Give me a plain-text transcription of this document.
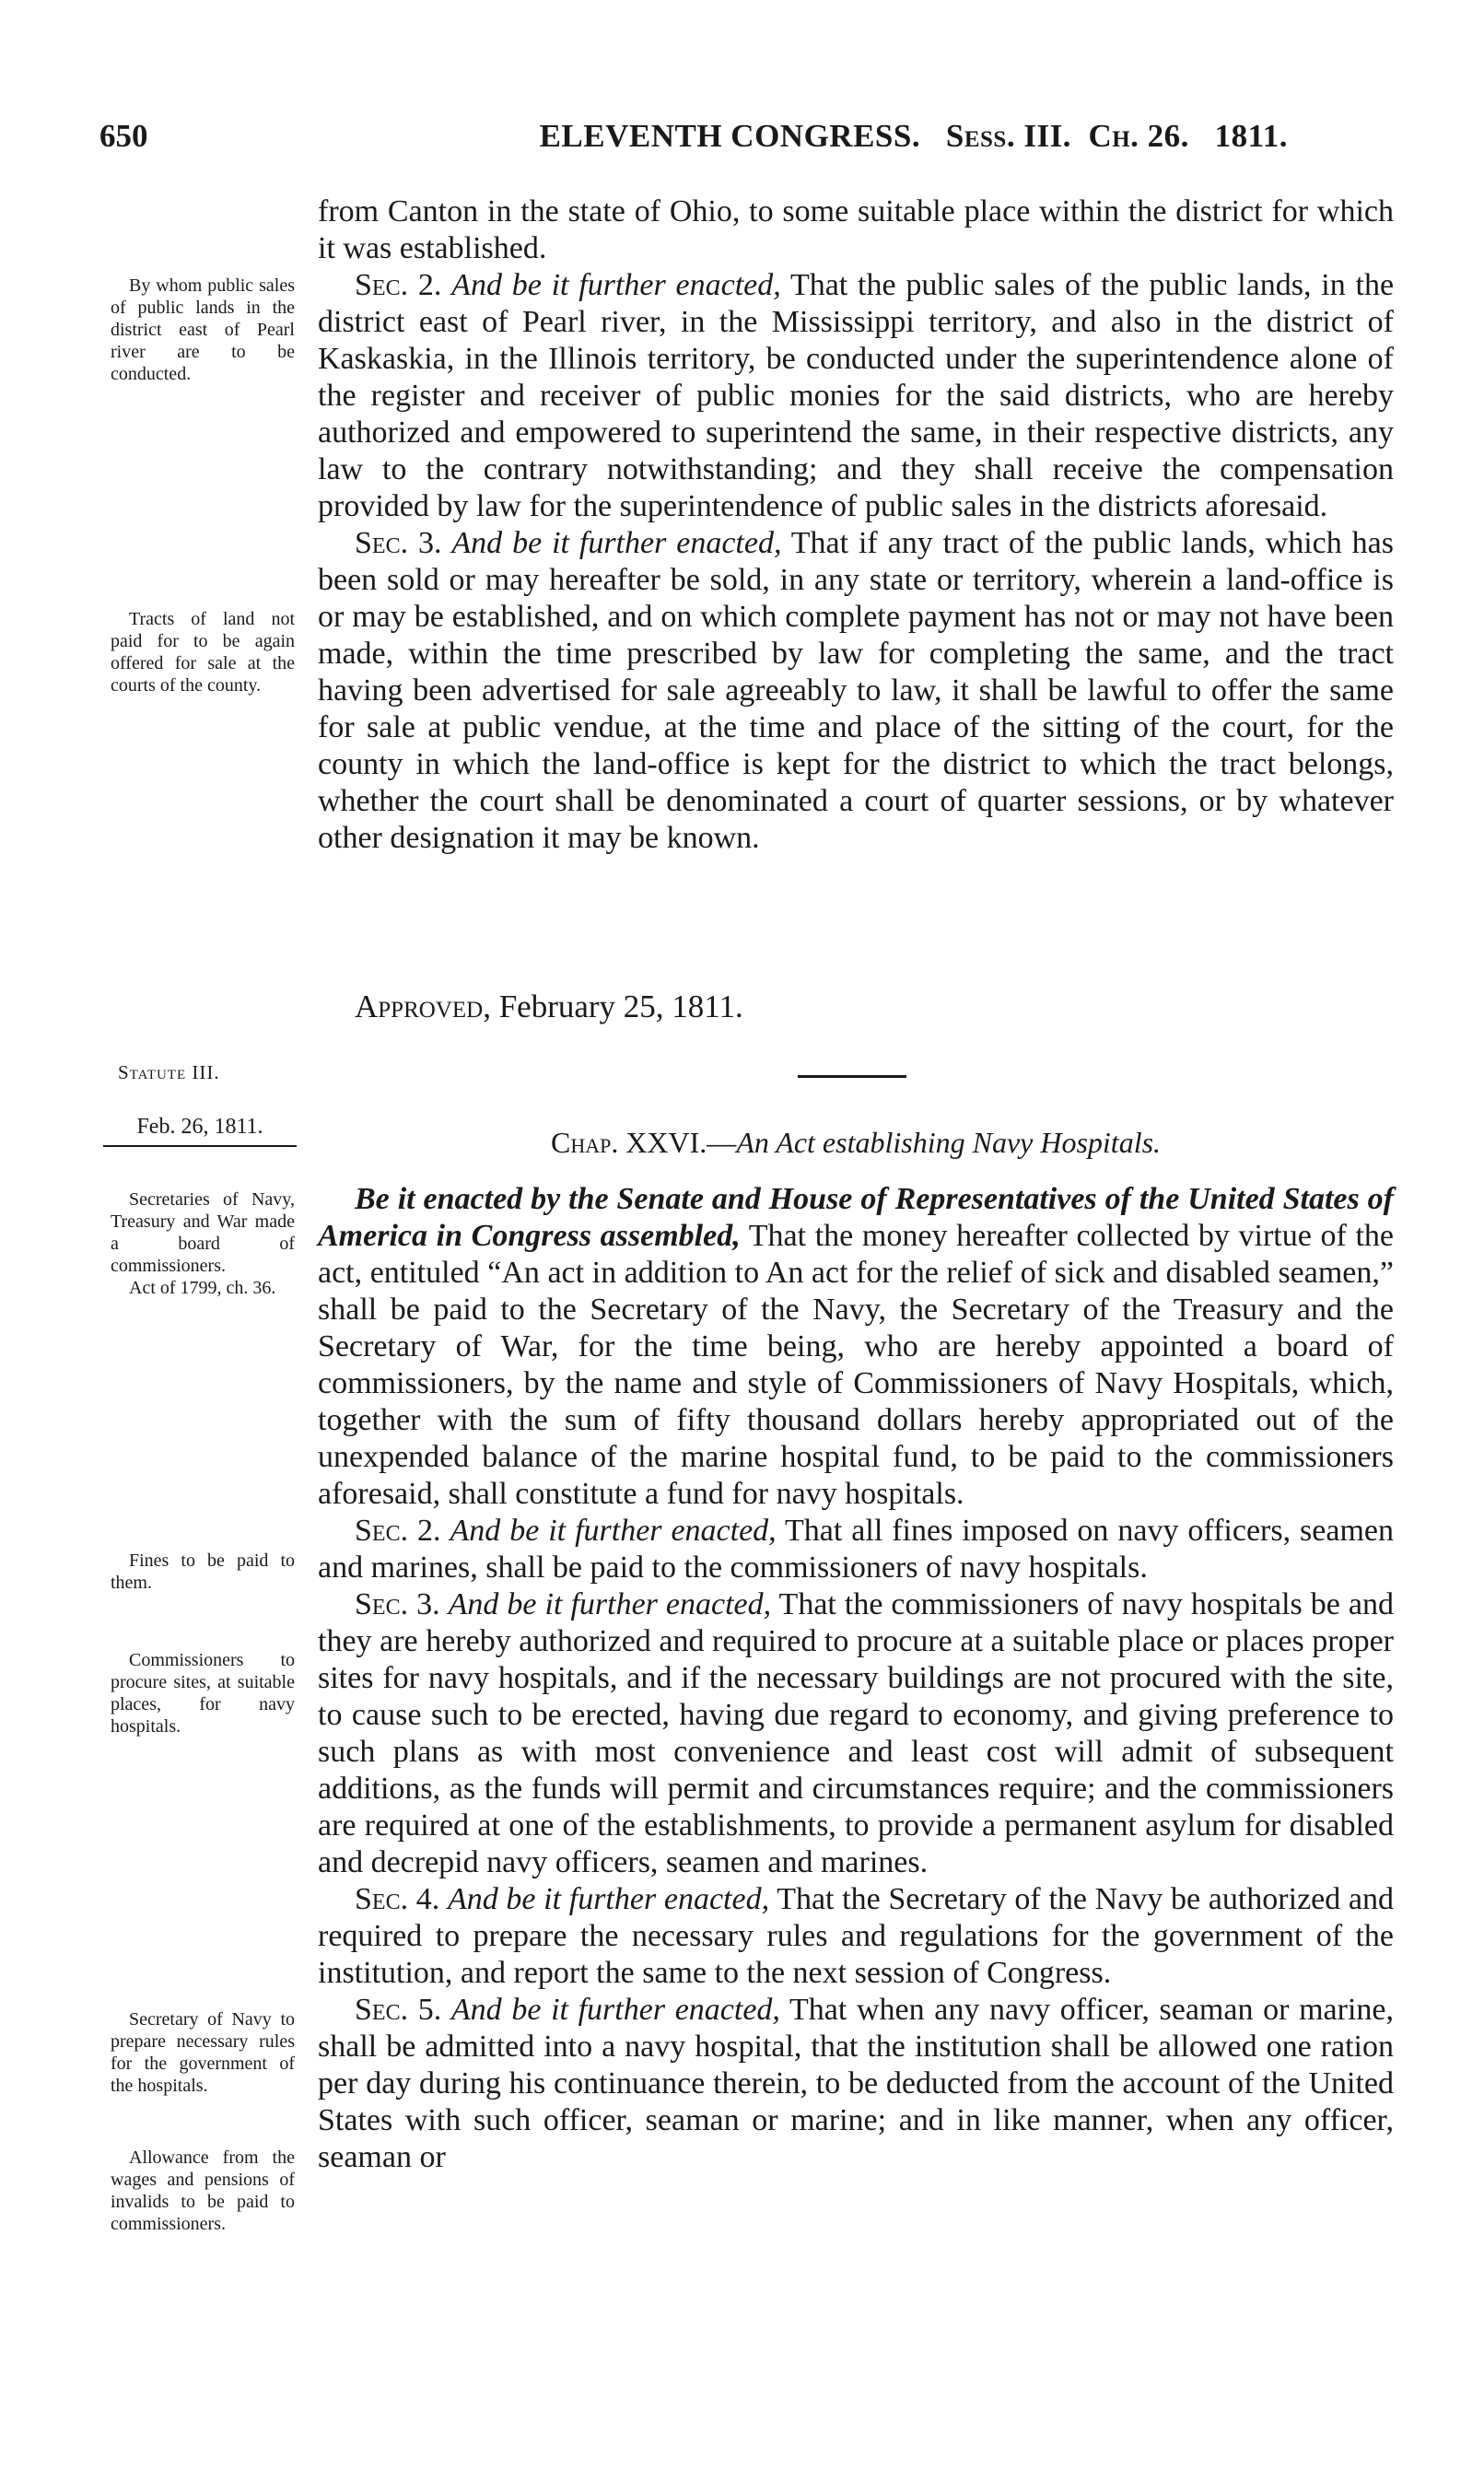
650	ELEVENTH CONGRESS. Sess. III. Ch. 26. 1811.

from Canton in the state of Ohio, to some suitable place within the district for which it was established.

Sec. 2. And be it further enacted, That the public sales of the public lands, in the district east of Pearl river, in the Mississippi territory, and also in the district of Kaskaskia, in the Illinois territory, be conducted under the superintendence alone of the register and receiver of public monies for the said districts, who are hereby authorized and empowered to superintend the same, in their respective districts, any law to the contrary notwithstanding; and they shall receive the compensation provided by law for the superintendence of public sales in the districts aforesaid.

Sec. 3. And be it further enacted, That if any tract of the public lands, which has been sold or may hereafter be sold, in any state or territory, wherein a land-office is or may be established, and on which complete payment has not or may not have been made, within the time prescribed by law for completing the same, and the tract having been advertised for sale agreeably to law, it shall be lawful to offer the same for sale at public vendue, at the time and place of the sitting of the court, for the county in which the land-office is kept for the district to which the tract belongs, whether the court shall be denominated a court of quarter sessions, or by whatever other designation it may be known.

Approved, February 25, 1811.
By whom public sales of public lands in the district east of Pearl river are to be conducted.
Tracts of land not paid for to be again offered for sale at the courts of the county.
Statute III.
Feb. 26, 1811.	Chap. XXVI.—An Act establishing Navy Hospitals.

Be it enacted by the Senate and House of Representatives of the United States of America in Congress assembled, That the money hereafter collected by virtue of the act, entituled “An act in addition to An act for the relief of sick and disabled seamen,” shall be paid to the Secretary of the Navy, the Secretary of the Treasury and the Secretary of War, for the time being, who are hereby appointed a board of commissioners, by the name and style of Commissioners of Navy Hospitals, which, together with the sum of fifty thousand dollars hereby appropriated out of the unexpended balance of the marine hospital fund, to be paid to the commissioners aforesaid, shall constitute a fund for navy hospitals.

Sec. 2. And be it further enacted, That all fines imposed on navy officers, seamen and marines, shall be paid to the commissioners of navy hospitals.

Sec. 3. And be it further enacted, That the commissioners of navy hospitals be and they are hereby authorized and required to procure at a suitable place or places proper sites for navy hospitals, and if the necessary buildings are not procured with the site, to cause such to be erected, having due regard to economy, and giving preference to such plans as with most convenience and least cost will admit of subsequent additions, as the funds will permit and circumstances require; and the commissioners are required at one of the establishments, to provide a permanent asylum for disabled and decrepid navy officers, seamen and marines.

Sec. 4. And be it further enacted, That the Secretary of the Navy be authorized and required to prepare the necessary rules and regulations for the government of the institution, and report the same to the next session of Congress.

Sec. 5. And be it further enacted, That when any navy officer, seaman or marine, shall be admitted into a navy hospital, that the institution shall be allowed one ration per day during his continuance therein, to be deducted from the account of the United States with such officer, seaman or marine; and in like manner, when any officer, seaman or

Secretaries of Navy, Treasury and War made a board of commissioners.
Act of 1799, ch. 36.
Fines to be paid to them.
Commissioners to procure sites, at suitable places, for navy hospitals.
Secretary of Navy to prepare necessary rules for the government of the hospitals.
Allowance from the wages and pensions of invalids to be paid to commissioners.
